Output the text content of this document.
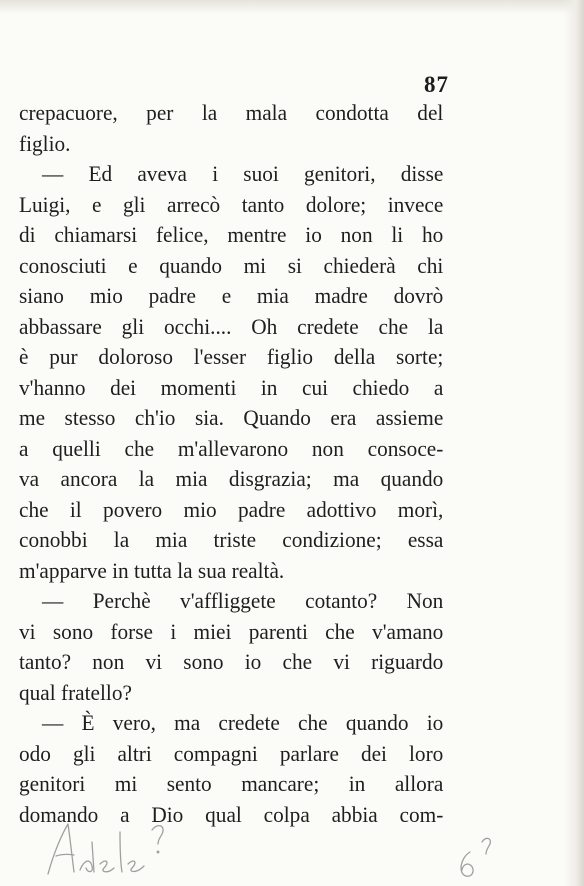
87
crepacuore, per la mala condotta del
figlio.
— Ed aveva i suoi genitori, disse
Luigi, e gli arrecò tanto dolore; invece
di chiamarsi felice, mentre io non li ho
conosciuti e quando mi si chiederà chi
siano mio padre e mia madre dovrò
abbassare gli occhi.... Oh credete che la
è pur doloroso l'esser figlio della sorte;
v'hanno dei momenti in cui chiedo a
me stesso ch'io sia. Quando era assieme
a quelli che m'allevarono non consoce-
va ancora la mia disgrazia; ma quando
che il povero mio padre adottivo morì,
conobbi la mia triste condizione; essa
m'apparve in tutta la sua realtà.
— Perchè v'affliggete cotanto? Non
vi sono forse i miei parenti che v'amano
tanto? non vi sono io che vi riguardo
qual fratello?
— È vero, ma credete che quando io
odo gli altri compagni parlare dei loro
genitori mi sento mancare; in allora
domando a Dio qual colpa abbia com-
